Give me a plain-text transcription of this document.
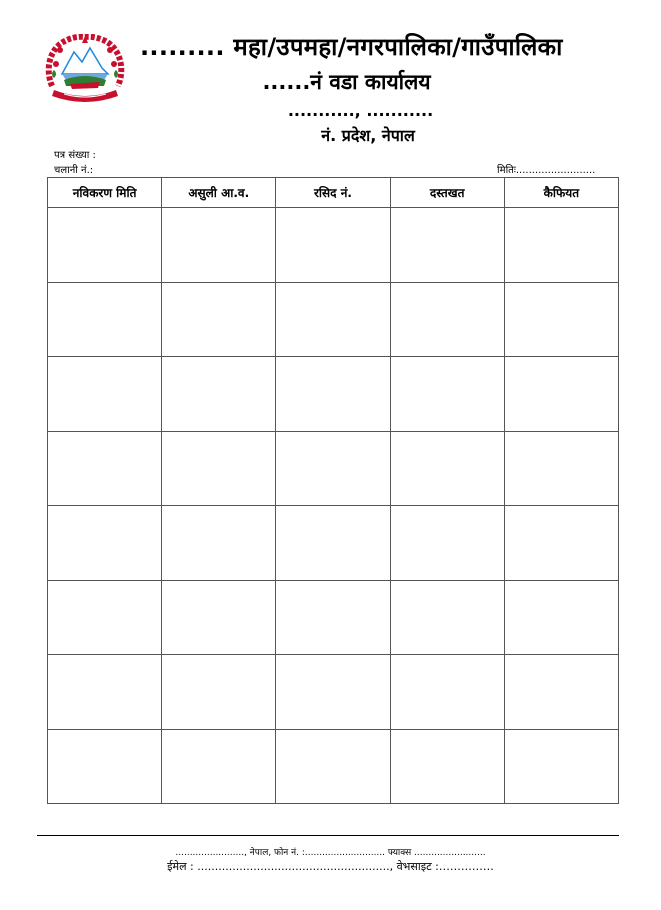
......... महा/उपमहा/नगरपालिका/गाउँपालिका
......नं वडा कार्यालय
..........., ...........
नं. प्रदेश, नेपाल
पत्र संख्या :
चलानी नं.:	मितिः.........................
नविकरण मिति	असुली आ.व.	रसिद नं.	दस्तखत	कैफियत

........................, नेपाल, फोन नं. :............................ फ्याक्स .........................
ईमेल : ......................................................., वेभसाइट :……………
